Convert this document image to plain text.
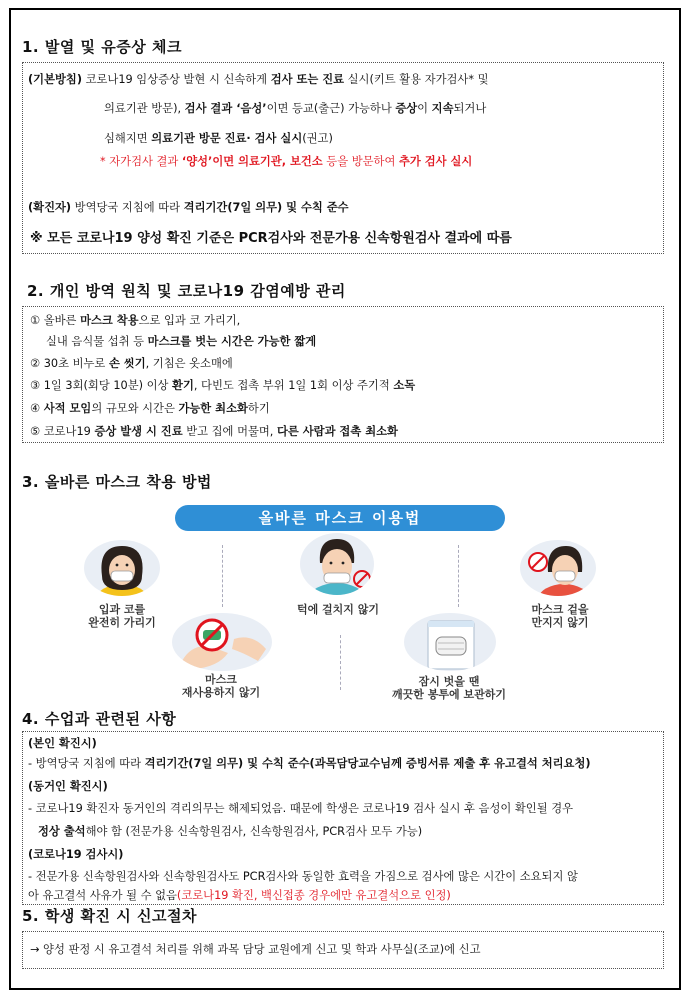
1. 발열 및 유증상 체크
(기본방침) 코로나19 임상증상 발현 시 신속하게 검사 또는 진료 실시(키트 활용 자가검사* 및
의료기관 방문), 검사 결과 ‘음성’이면 등교(출근) 가능하나 증상이 지속되거나
심해지면 의료기관 방문 진료· 검사 실시(권고)
* 자가검사 결과 ‘양성’이면 의료기관, 보건소 등을 방문하여 추가 검사 실시
(확진자) 방역당국 지침에 따라 격리기간(7일 의무) 및 수칙 준수
※ 모든 코로나19 양성 확진 기준은 PCR검사와 전문가용 신속항원검사 결과에 따름
2. 개인 방역 원칙 및 코로나19 감염예방 관리
① 올바른 마스크 착용으로 입과 코 가리기,
실내 음식물 섭취 등 마스크를 벗는 시간은 가능한 짧게
② 30초 비누로 손 씻기, 기침은 옷소매에
③ 1일 3회(회당 10분) 이상 환기, 다빈도 접촉 부위 1일 1회 이상 주기적 소독
④ 사적 모임의 규모와 시간은 가능한 최소화하기
⑤ 코로나19 증상 발생 시 진료 받고 집에 머물며, 다른 사람과 접촉 최소화
3. 올바른 마스크 착용 방법
올바른 마스크 이용법
입과 코를
완전히 가리기
턱에 걸치지 않기	마스크 겉을
만지지 않기
마스크
재사용하지 않기
잠시 벗을 땐
깨끗한 봉투에 보관하기
4. 수업과 관련된 사항
(본인 확진시)
- 방역당국 지침에 따라 격리기간(7일 의무) 및 수칙 준수(과목담당교수님께 증빙서류 제출 후 유고결석 처리요청)
(동거인 확진시)
- 코로나19 확진자 동거인의 격리의무는 해제되었음. 때문에 학생은 코로나19 검사 실시 후 음성이 확인될 경우
정상 출석해야 함 (전문가용 신속항원검사, 신속항원검사, PCR검사 모두 가능)
(코로나19 검사시)
- 전문가용 신속항원검사와 신속항원검사도 PCR검사와 동일한 효력을 가짐으로 검사에 많은 시간이 소요되지 않
아 유고결석 사유가 될 수 없음(코로나19 확진, 백신접종 경우에만 유고결석으로 인정)
5. 학생 확진 시 신고절차
→ 양성 판정 시 유고결석 처리를 위해 과목 담당 교원에게 신고 및 학과 사무실(조교)에 신고
